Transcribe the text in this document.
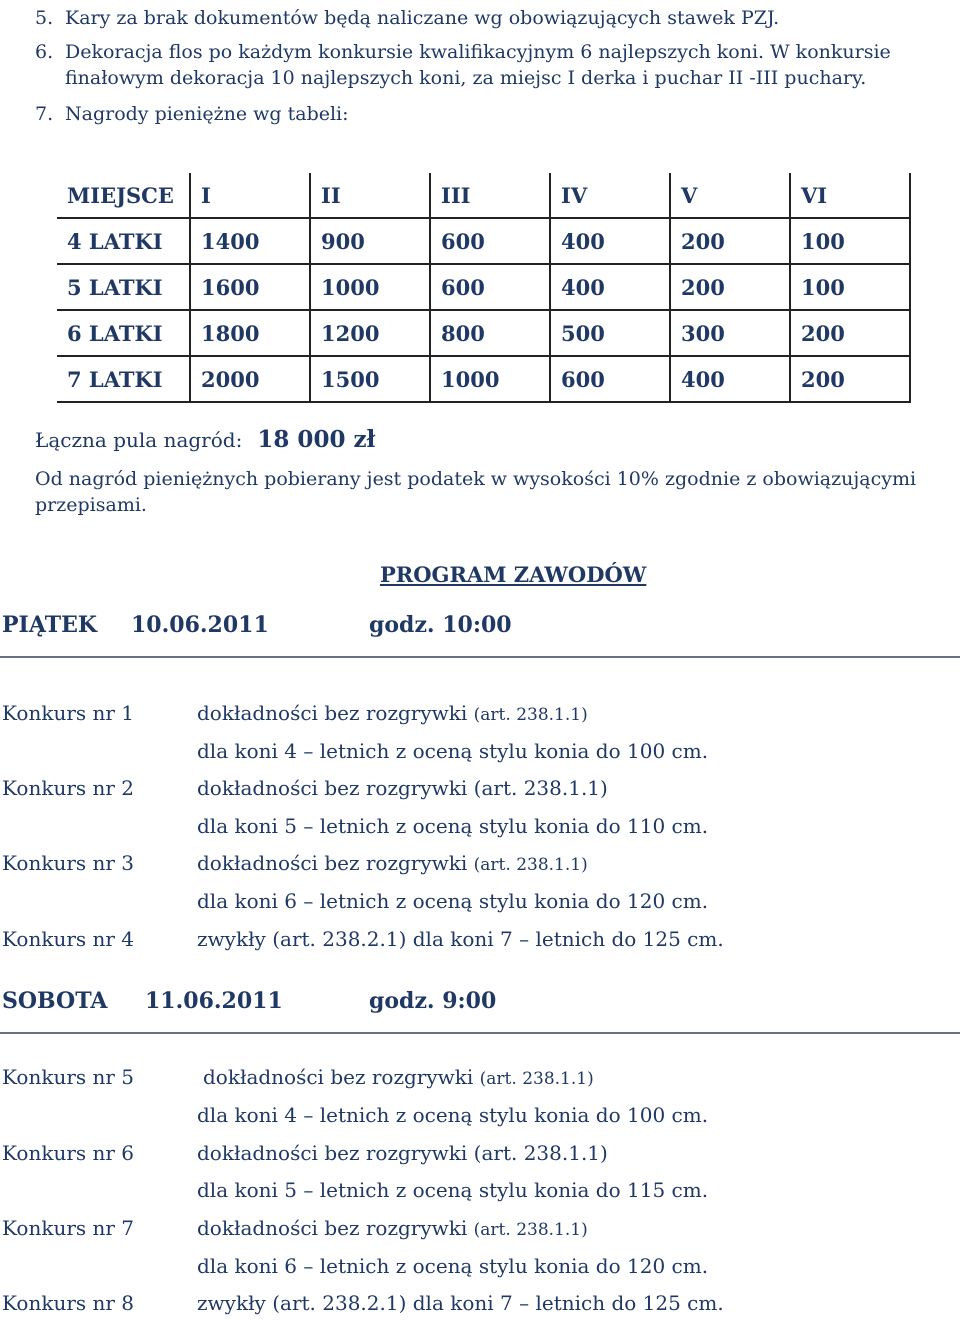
5. Kary za brak dokumentów będą naliczane wg obowiązujących stawek PZJ.
6. Dekoracja flos po każdym konkursie kwalifikacyjnym 6 najlepszych koni. W konkursie
finałowym dekoracja 10 najlepszych koni, za miejsc I derka i puchar II -III puchary.
7. Nagrody pieniężne wg tabeli:
MIEJSCE	I	II	III	IV	V	VI
4 LATKI	1400	900	600	400	200	100
5 LATKI	1600	1000	600	400	200	100
6 LATKI	1800	1200	800	500	300	200
7 LATKI	2000	1500	1000	600	400	200
Łączna pula nagród: 18 000 zł
Od nagród pieniężnych pobierany jest podatek w wysokości 10% zgodnie z obowiązującymi przepisami.
PROGRAM ZAWODÓW
PIĄTEK 10.06.2011	godz. 10:00
Konkurs nr 1	dokładności bez rozgrywki (art. 238.1.1)
dla koni 4 – letnich z oceną stylu konia do 100 cm.
Konkurs nr 2	dokładności bez rozgrywki (art. 238.1.1)
dla koni 5 – letnich z oceną stylu konia do 110 cm.
Konkurs nr 3	dokładności bez rozgrywki (art. 238.1.1)
dla koni 6 – letnich z oceną stylu konia do 120 cm.
Konkurs nr 4	zwykły (art. 238.2.1) dla koni 7 – letnich do 125 cm.
SOBOTA 11.06.2011	godz. 9:00
Konkurs nr 5	dokładności bez rozgrywki (art. 238.1.1)
dla koni 4 – letnich z oceną stylu konia do 100 cm.
Konkurs nr 6	dokładności bez rozgrywki (art. 238.1.1)
dla koni 5 – letnich z oceną stylu konia do 115 cm.
Konkurs nr 7	dokładności bez rozgrywki (art. 238.1.1)
dla koni 6 – letnich z oceną stylu konia do 120 cm.
Konkurs nr 8	zwykły (art. 238.2.1) dla koni 7 – letnich do 125 cm.
